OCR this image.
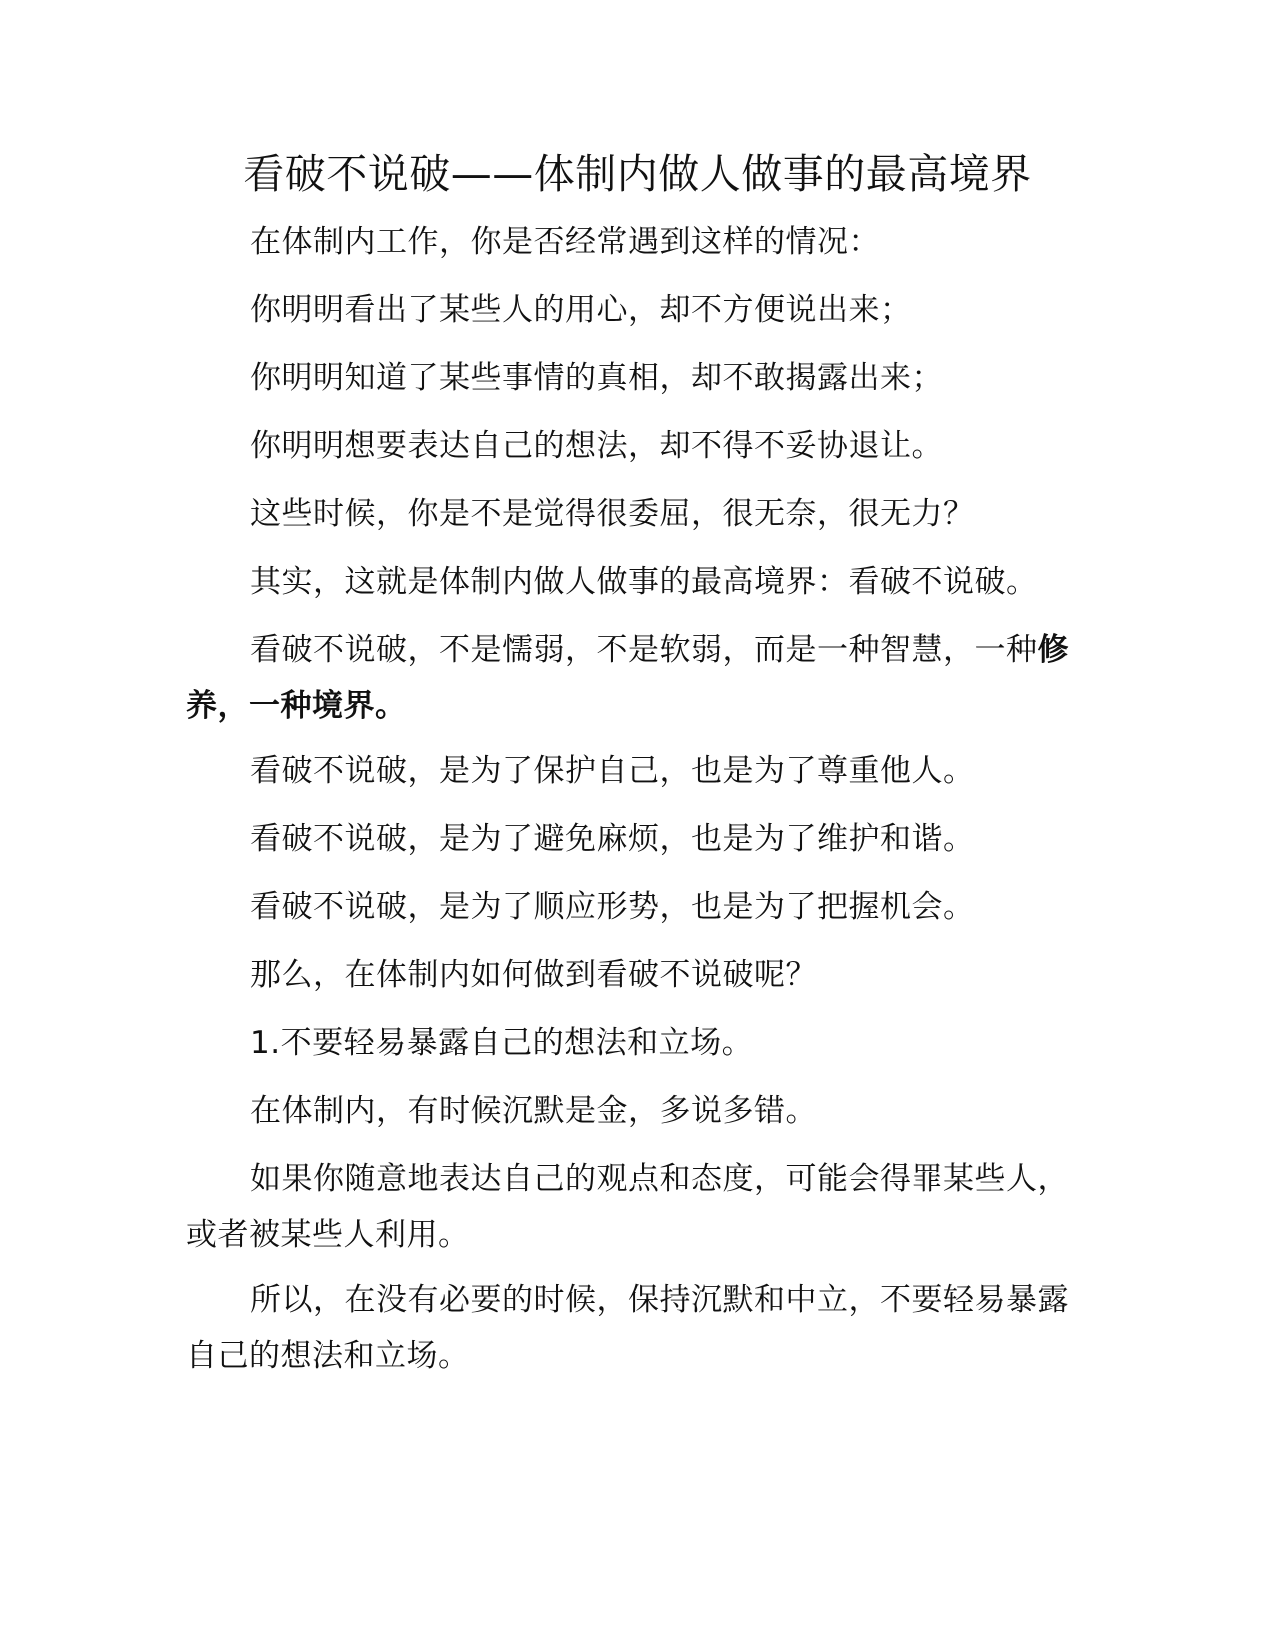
看破不说破——体制内做人做事的最高境界

在体制内工作，你是否经常遇到这样的情况：

你明明看出了某些人的用心，却不方便说出来；

你明明知道了某些事情的真相，却不敢揭露出来；

你明明想要表达自己的想法，却不得不妥协退让。

这些时候，你是不是觉得很委屈，很无奈，很无力？

其实，这就是体制内做人做事的最高境界：看破不说破。

看破不说破，不是懦弱，不是软弱，而是一种智慧，一种修养，一种境界。

看破不说破，是为了保护自己，也是为了尊重他人。

看破不说破，是为了避免麻烦，也是为了维护和谐。

看破不说破，是为了顺应形势，也是为了把握机会。

那么，在体制内如何做到看破不说破呢？

1.不要轻易暴露自己的想法和立场。

在体制内，有时候沉默是金，多说多错。

如果你随意地表达自己的观点和态度，可能会得罪某些人，或者被某些人利用。

所以，在没有必要的时候，保持沉默和中立，不要轻易暴露自己的想法和立场。
